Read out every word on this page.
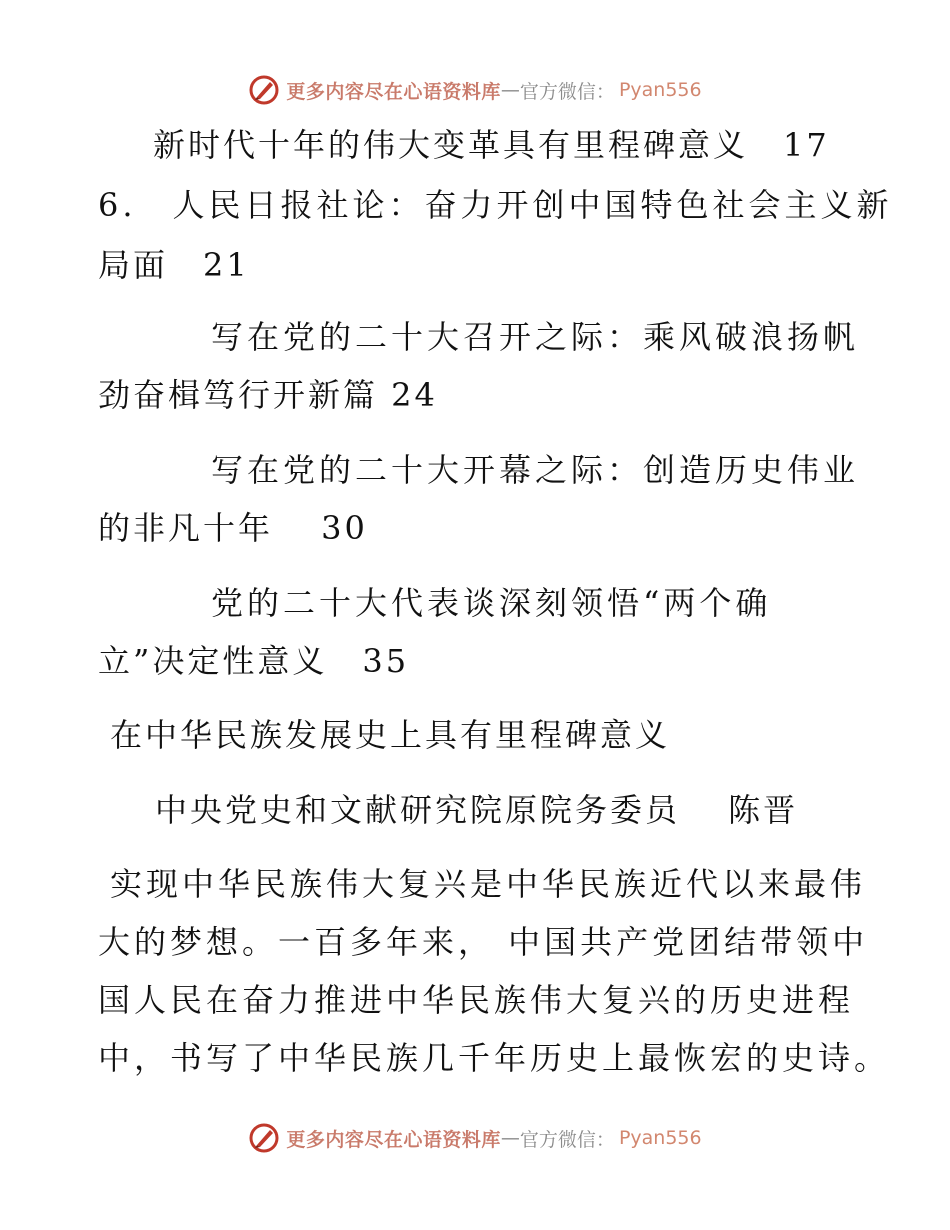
更多内容尽在心语资料库 — 官方微信： Pyan556

新时代十年的伟大变革具有里程碑意义　17

6.　人民日报社论：奋力开创中国特色社会主义新

局面　21

写在党的二十大召开之际：乘风破浪扬帆

劲奋楫笃行开新篇 24

写在党的二十大开幕之际：创造历史伟业

的非凡十年　 30

党的二十大代表谈深刻领悟“两个确

立”决定性意义　35

在中华民族发展史上具有里程碑意义

中央党史和文献研究院原院务委员　 陈晋

实现中华民族伟大复兴是中华民族近代以来最伟

大的梦想。一百多年来， 中国共产党团结带领中

国人民在奋力推进中华民族伟大复兴的历史进程

中，书写了中华民族几千年历史上最恢宏的史诗。

更多内容尽在心语资料库 — 官方微信： Pyan556
